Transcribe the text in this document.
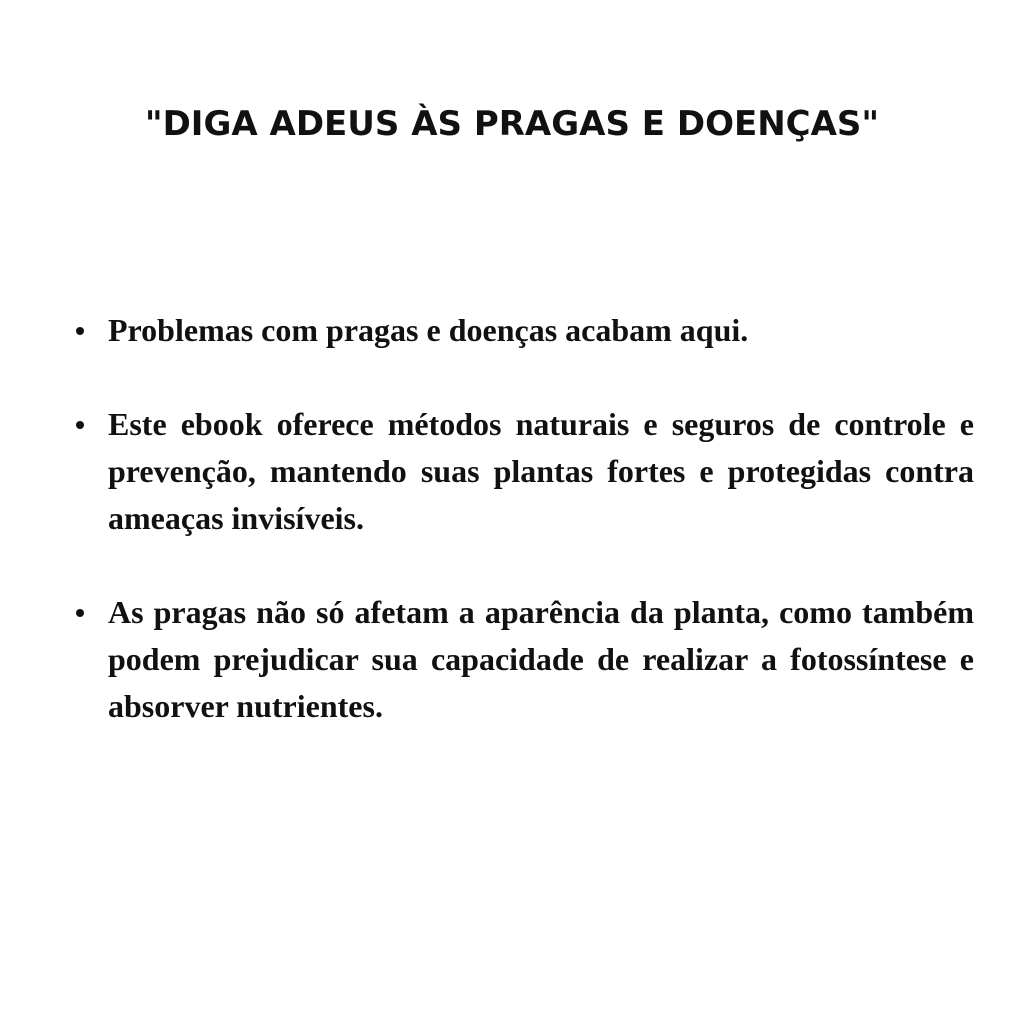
"DIGA ADEUS ÀS PRAGAS E DOENÇAS"
Problemas com pragas e doenças acabam aqui.
Este ebook oferece métodos naturais e seguros de controle e prevenção, mantendo suas plantas fortes e protegidas contra ameaças invisíveis.
As pragas não só afetam a aparência da planta, como também podem prejudicar sua capacidade de realizar a fotossíntese e absorver nutrientes.
